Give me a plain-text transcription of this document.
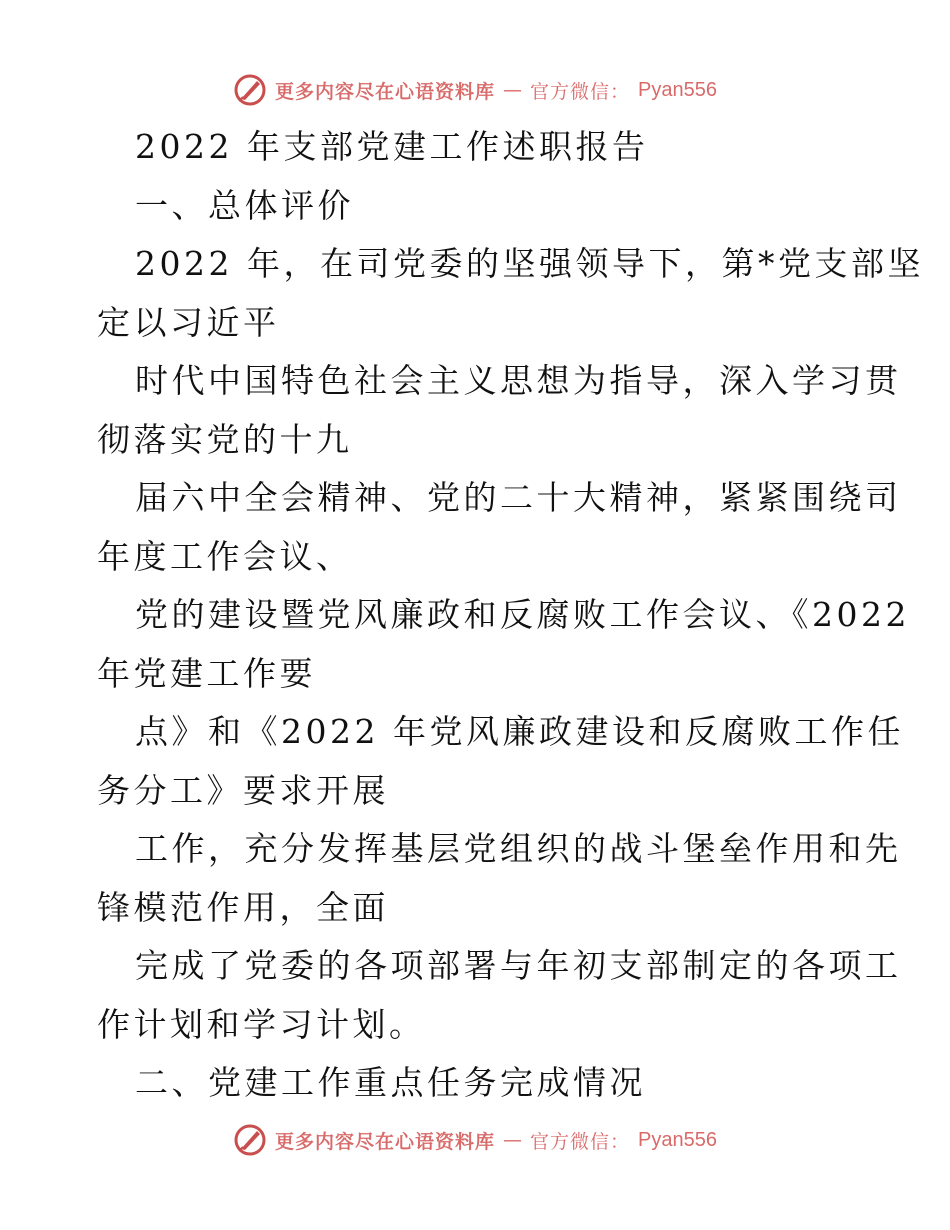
更多内容尽在心语资料库 — 官方微信： Pyan556

2022 年支部党建工作述职报告

一、总体评价

2022 年，在司党委的坚强领导下，第*党支部坚

定以习近平

时代中国特色社会主义思想为指导，深入学习贯

彻落实党的十九

届六中全会精神、党的二十大精神，紧紧围绕司

年度工作会议、

党的建设暨党风廉政和反腐败工作会议、《2022

年党建工作要

点》和《2022 年党风廉政建设和反腐败工作任

务分工》要求开展

工作，充分发挥基层党组织的战斗堡垒作用和先

锋模范作用，全面

完成了党委的各项部署与年初支部制定的各项工

作计划和学习计划。

二、党建工作重点任务完成情况

更多内容尽在心语资料库 — 官方微信： Pyan556
